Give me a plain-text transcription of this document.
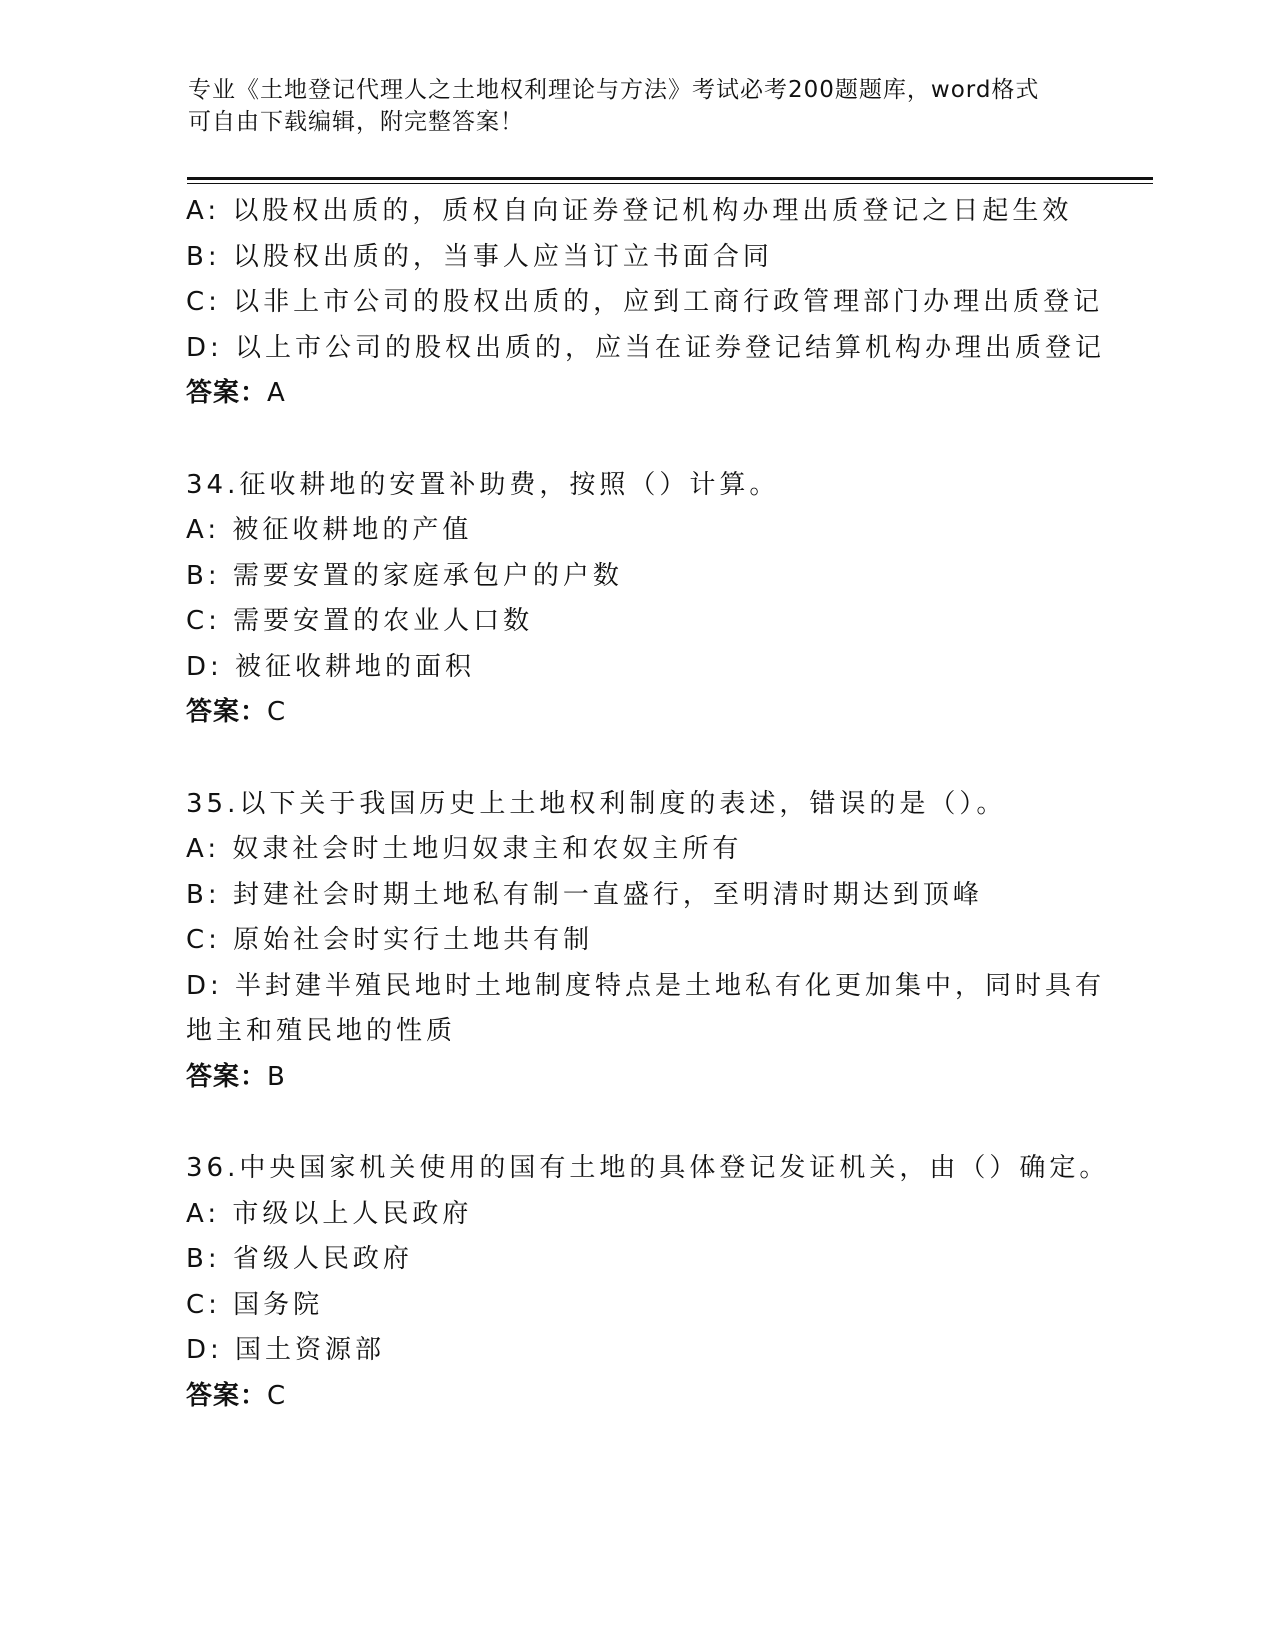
专业《土地登记代理人之土地权利理论与方法》考试必考200题题库，word格式
可自由下载编辑，附完整答案！
A: 以股权出质的，质权自向证券登记机构办理出质登记之日起生效
B: 以股权出质的，当事人应当订立书面合同
C: 以非上市公司的股权出质的，应到工商行政管理部门办理出质登记
D: 以上市公司的股权出质的，应当在证券登记结算机构办理出质登记
答案：A
34.征收耕地的安置补助费，按照（）计算。
A: 被征收耕地的产值
B: 需要安置的家庭承包户的户数
C: 需要安置的农业人口数
D: 被征收耕地的面积
答案：C
35.以下关于我国历史上土地权利制度的表述，错误的是（）。
A: 奴隶社会时土地归奴隶主和农奴主所有
B: 封建社会时期土地私有制一直盛行，至明清时期达到顶峰
C: 原始社会时实行土地共有制
D: 半封建半殖民地时土地制度特点是土地私有化更加集中，同时具有
地主和殖民地的性质
答案：B
36.中央国家机关使用的国有土地的具体登记发证机关，由（）确定。
A: 市级以上人民政府
B: 省级人民政府
C: 国务院
D: 国土资源部
答案：C
